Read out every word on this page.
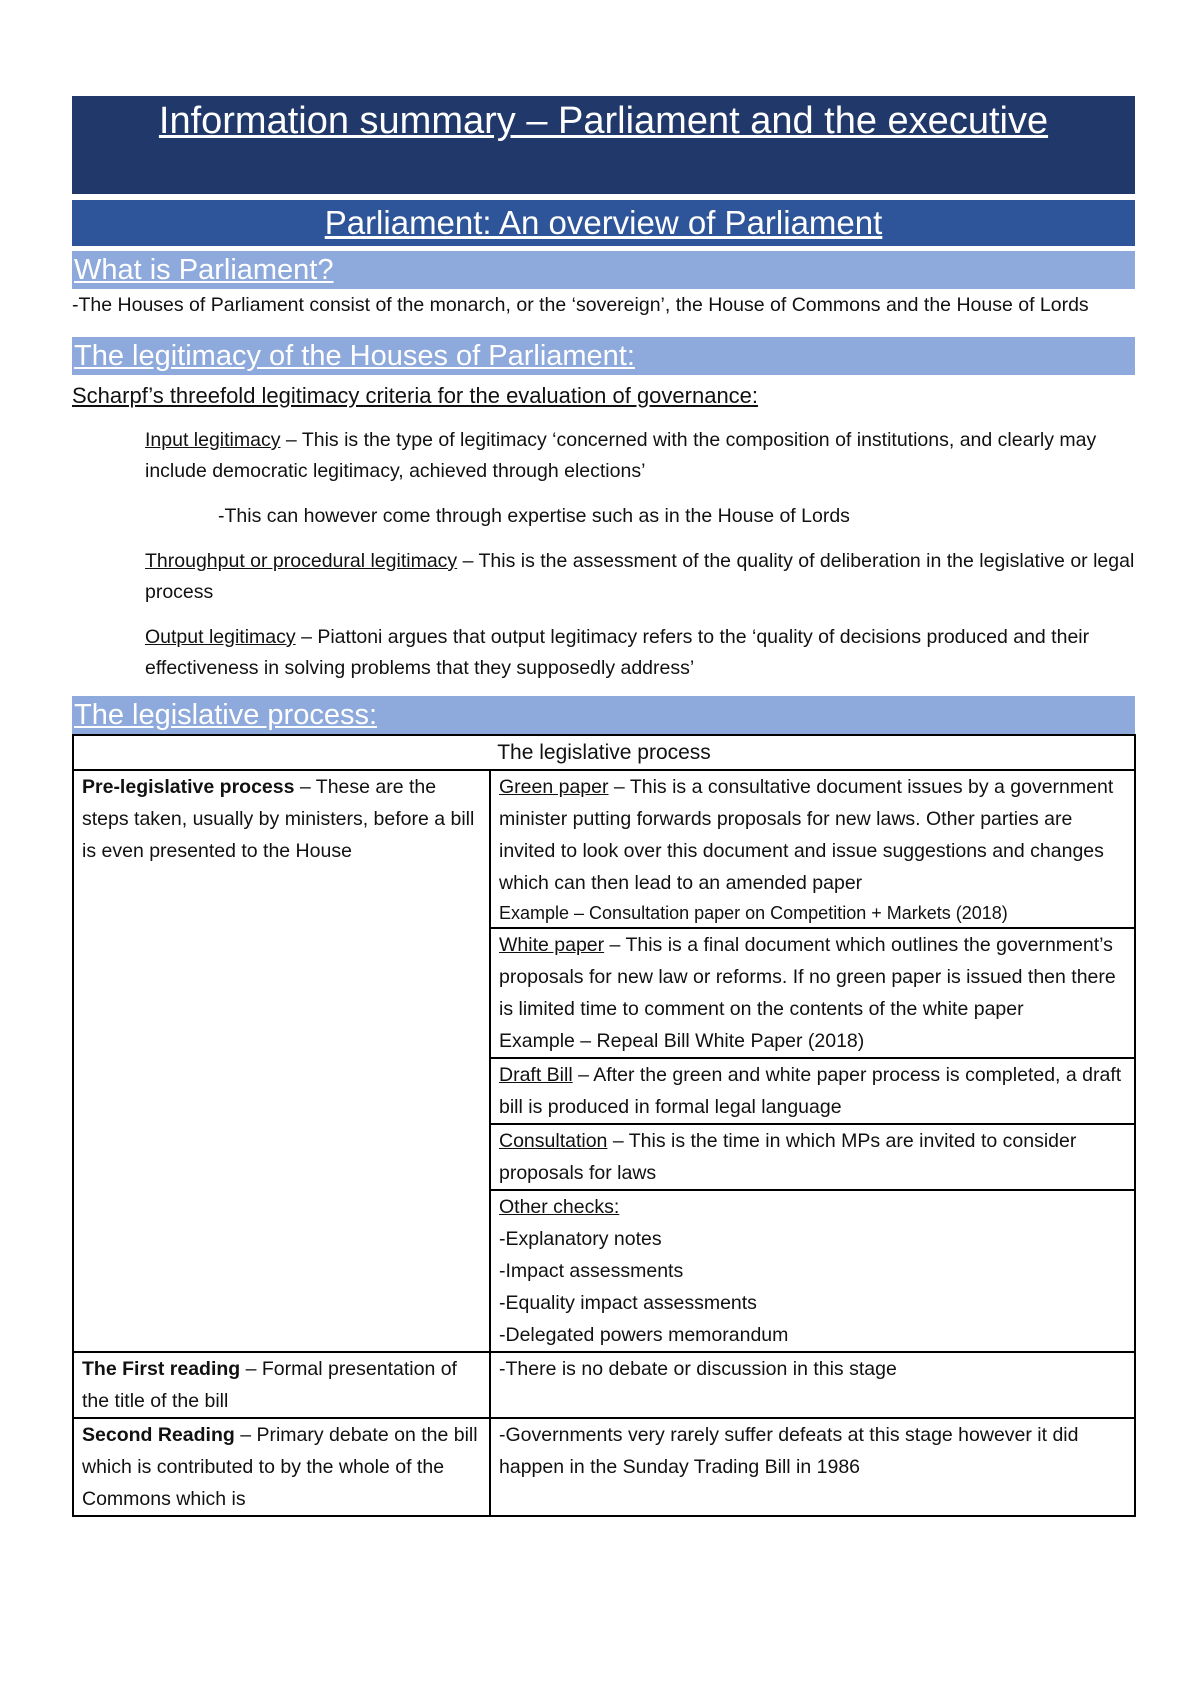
Information summary – Parliament and the executive
Parliament: An overview of Parliament
What is Parliament?
-The Houses of Parliament consist of the monarch, or the ‘sovereign’, the House of Commons and the House of Lords
The legitimacy of the Houses of Parliament:
Scharpf’s threefold legitimacy criteria for the evaluation of governance:
Input legitimacy – This is the type of legitimacy ‘concerned with the composition of institutions, and clearly may include democratic legitimacy, achieved through elections’
-This can however come through expertise such as in the House of Lords
Throughput or procedural legitimacy – This is the assessment of the quality of deliberation in the legislative or legal process
Output legitimacy – Piattoni argues that output legitimacy refers to the ‘quality of decisions produced and their effectiveness in solving problems that they supposedly address’
The legislative process:
The legislative process	
Pre-legislative process – These are the steps taken, usually by ministers, before a bill is even presented to the House	Green paper – This is a consultative document issues by a government minister putting forwards proposals for new laws. Other parties are invited to look over this document and issue suggestions and changes which can then lead to an amended paper
Example – Consultation paper on Competition + Markets (2018)

	White paper – This is a final document which outlines the government’s proposals for new law or reforms. If no green paper is issued then there is limited time to comment on the contents of the white paper
Example – Repeal Bill White Paper (2018)

	Draft Bill – After the green and white paper process is completed, a draft bill is produced in formal legal language
	Consultation – This is the time in which MPs are invited to consider proposals for laws

	Other checks:
-Explanatory notes
-Impact assessments
-Equality impact assessments
-Delegated powers memorandum

The First reading – Formal presentation of the title of the bill	-There is no debate or discussion in this stage
Second Reading – Primary debate on the bill which is contributed to by the whole of the Commons which is	-Governments very rarely suffer defeats at this stage however it did happen in the Sunday Trading Bill in 1986
